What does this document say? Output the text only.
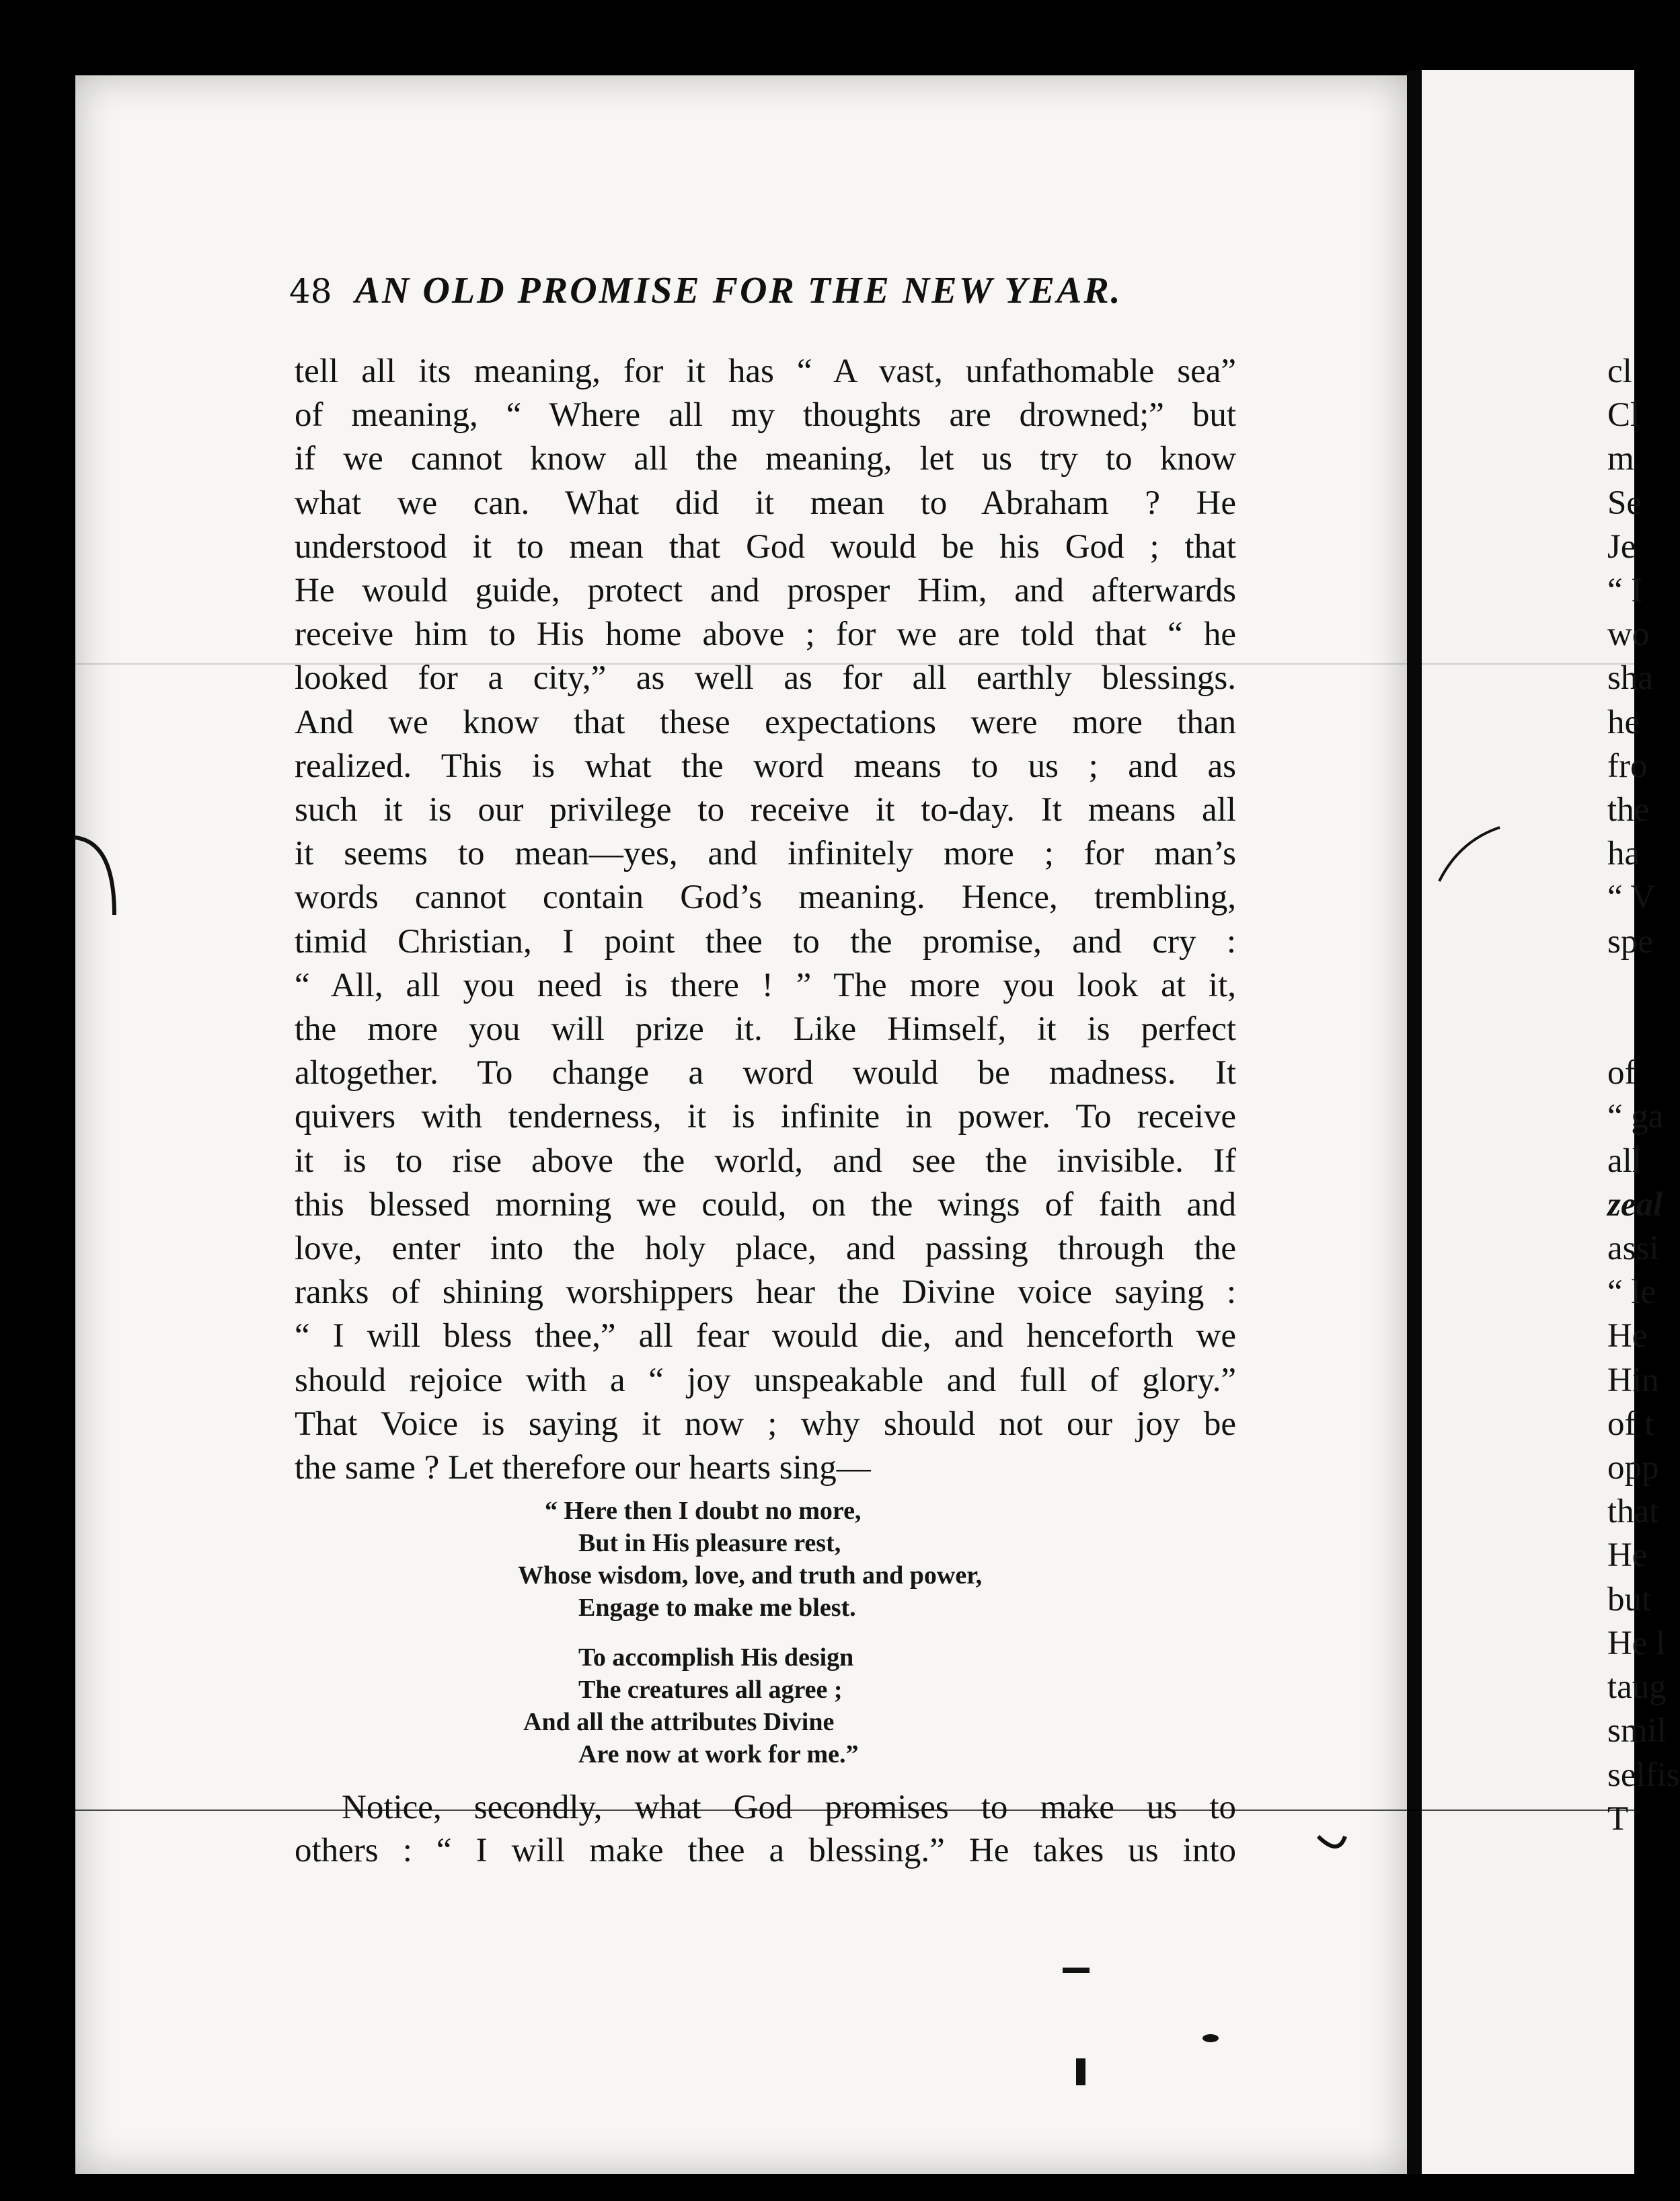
48 AN OLD PROMISE FOR THE NEW YEAR.
tell all its meaning, for it has “ A vast, unfathomable sea”
of meaning, “ Where all my thoughts are drowned;” but
if we cannot know all the meaning, let us try to know
what we can. What did it mean to Abraham ? He
understood it to mean that God would be his God ; that
He would guide, protect and prosper Him, and afterwards
receive him to His home above ; for we are told that “ he
looked for a city,” as well as for all earthly blessings.
And we know that these expectations were more than
realized. This is what the word means to us ; and as
such it is our privilege to receive it to-day. It means all
it seems to mean—yes, and infinitely more ; for man’s
words cannot contain God’s meaning. Hence, trembling,
timid Christian, I point thee to the promise, and cry :
“ All, all you need is there ! ” The more you look at it,
the more you will prize it. Like Himself, it is perfect
altogether. To change a word would be madness. It
quivers with tenderness, it is infinite in power. To receive
it is to rise above the world, and see the invisible. If
this blessed morning we could, on the wings of faith and
love, enter into the holy place, and passing through the
ranks of shining worshippers hear the Divine voice saying :
“ I will bless thee,” all fear would die, and henceforth we
should rejoice with a “ joy unspeakable and full of glory.”
That Voice is saying it now ; why should not our joy be
the same ? Let therefore our hearts sing—
“ Here then I doubt no more,
But in His pleasure rest,
Whose wisdom, love, and truth and power,
Engage to make me blest.
To accomplish His design
The creatures all agree ;
And all the attributes Divine
Are now at work for me.”
Notice, secondly, what God promises to make us to
others : “ I will make thee a blessing.” He takes us into
cl
Cl
m
Se
Je
“ I
wo
sha
he
fro
the
ha
“ V
spe

of
“ ga
all
zeal
assi
“ le
He
Hin
of t
opp
that
He
but
He l
taug
smil
selfis
T
